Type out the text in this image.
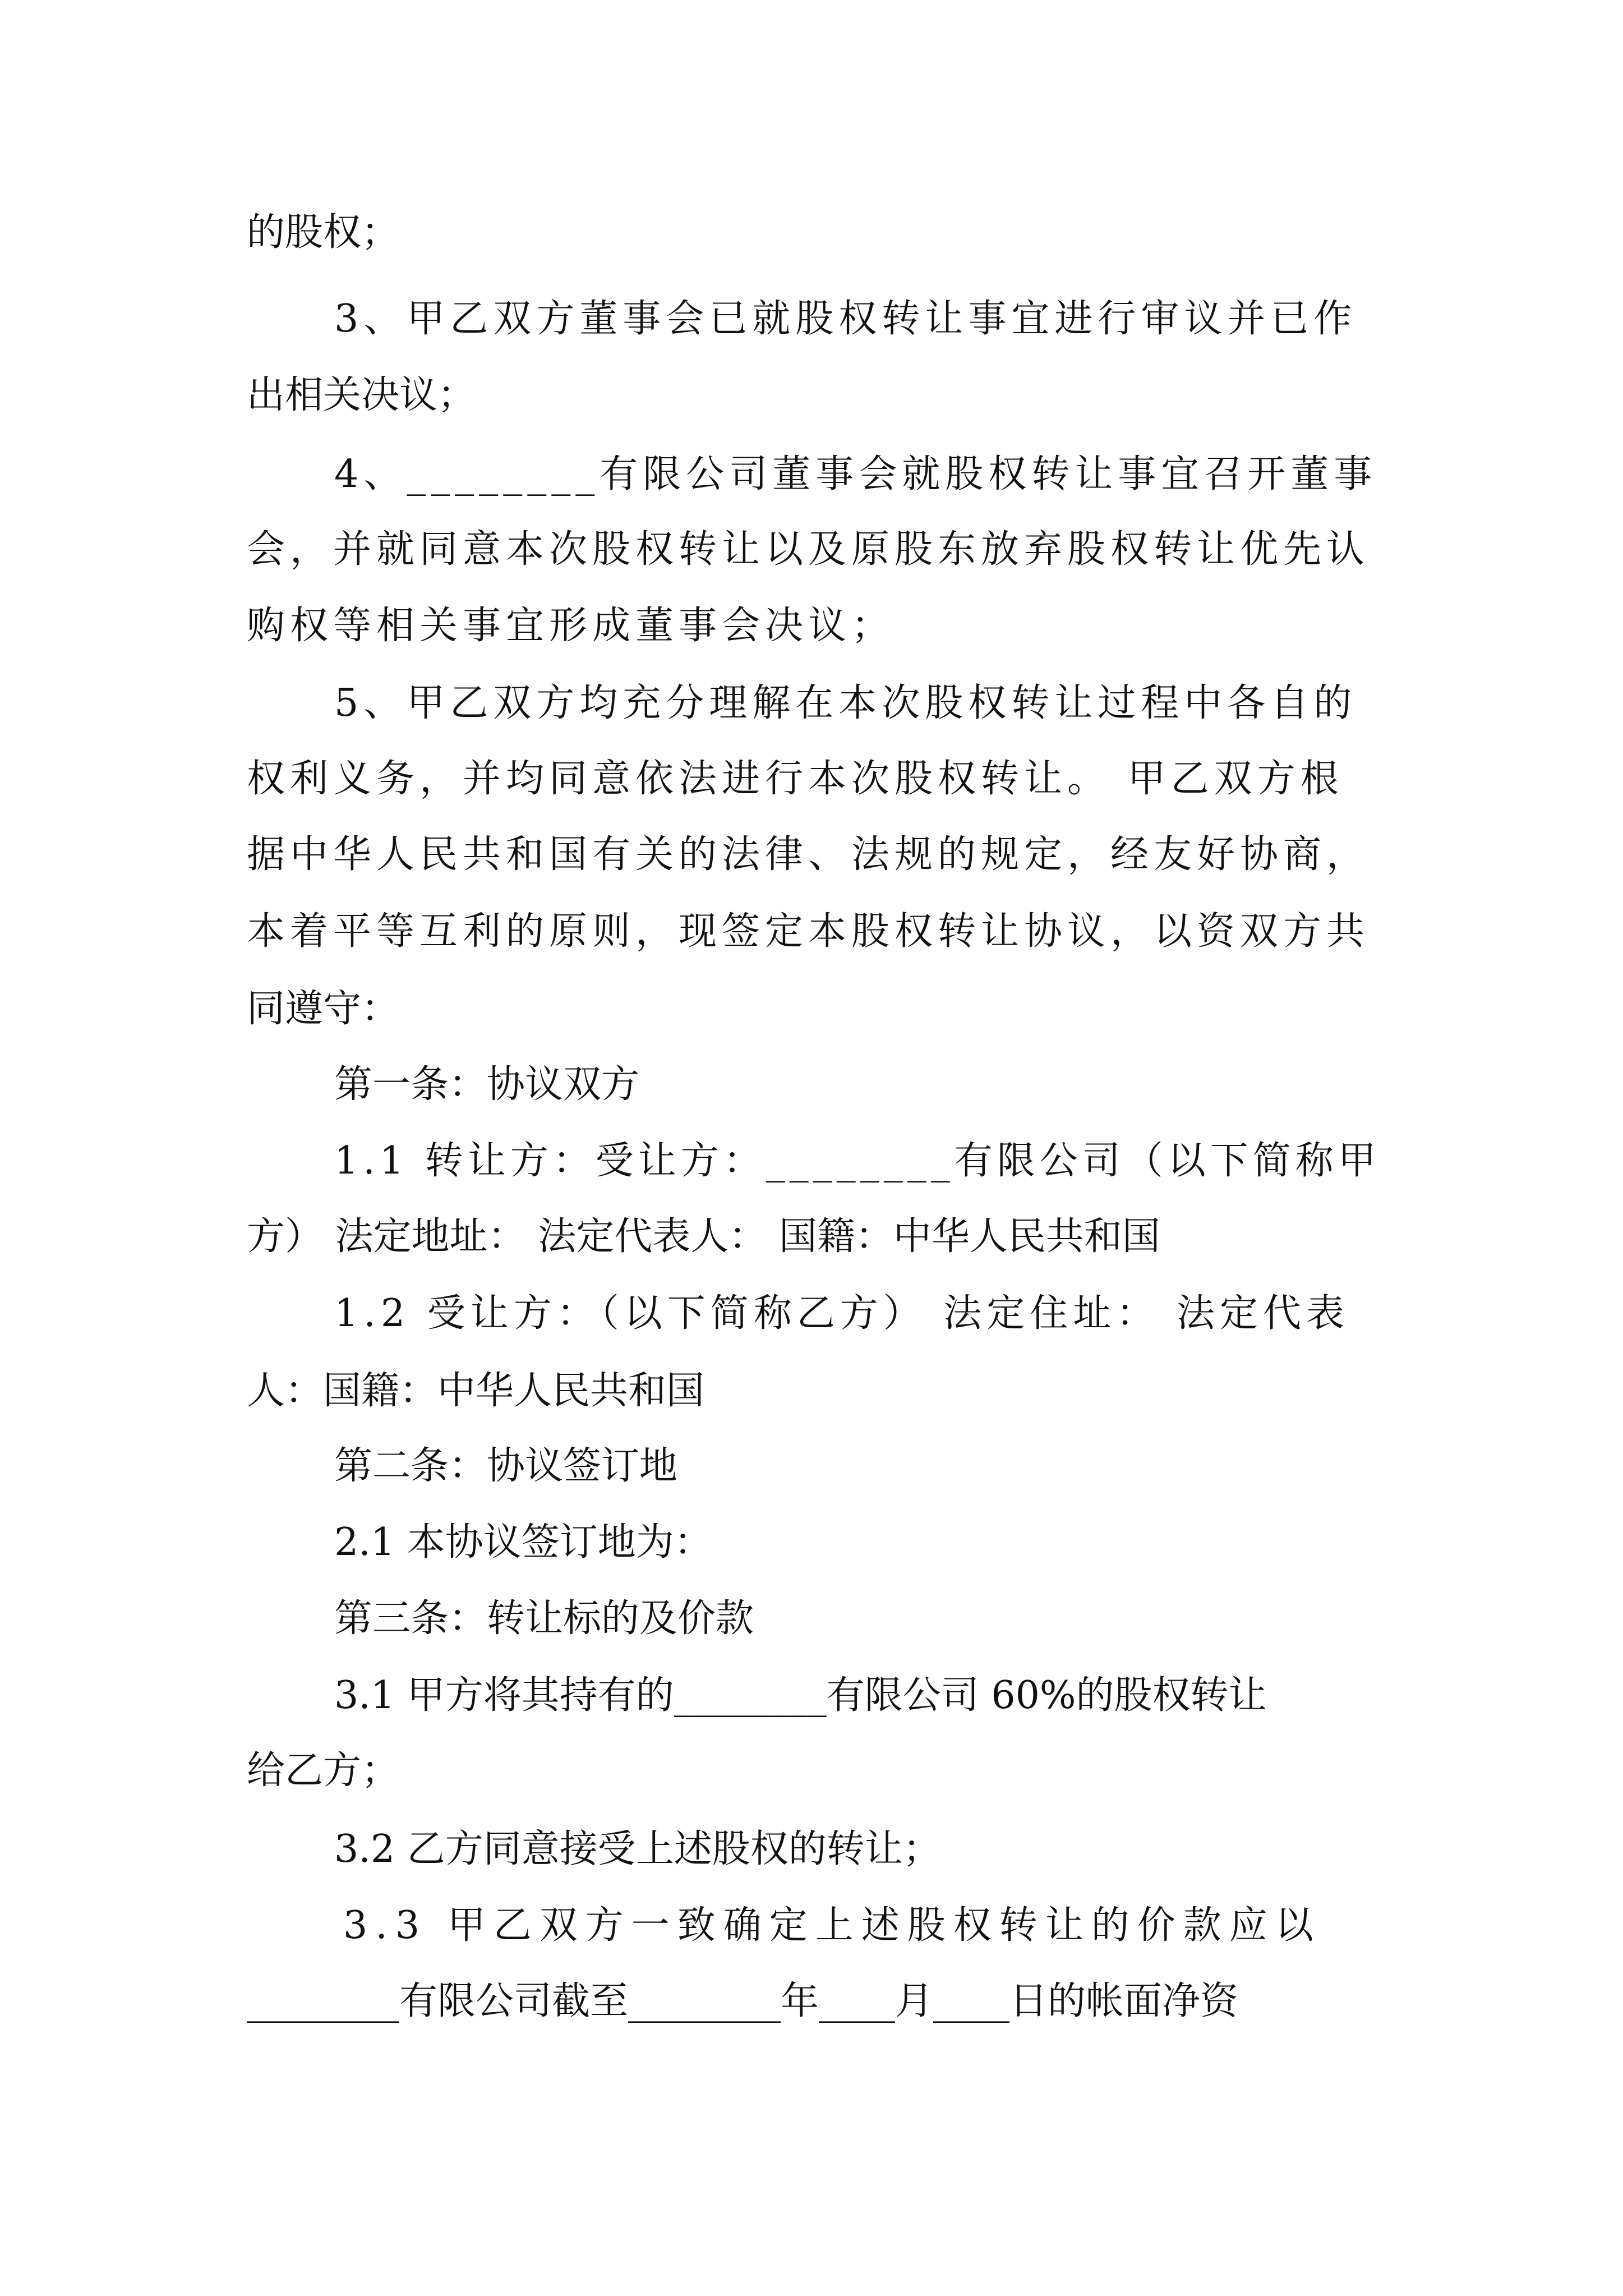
的股权；

3、甲乙双方董事会已就股权转让事宜进行审议并已作

出相关决议；

4、________有限公司董事会就股权转让事宜召开董事

会，并就同意本次股权转让以及原股东放弃股权转让优先认

购权等相关事宜形成董事会决议；

5、甲乙双方均充分理解在本次股权转让过程中各自的

权利义务，并均同意依法进行本次股权转让。 甲乙双方根

据中华人民共和国有关的法律、法规的规定，经友好协商，

本着平等互利的原则，现签定本股权转让协议，以资双方共

同遵守：

第一条：协议双方

1.1 转让方：受让方：________有限公司（以下简称甲

方） 法定地址： 法定代表人： 国籍：中华人民共和国

1.2 受让方：（以下简称乙方） 法定住址： 法定代表

人：国籍：中华人民共和国

第二条：协议签订地

2.1 本协议签订地为：

第三条：转让标的及价款

3.1 甲方将其持有的________有限公司 60%的股权转让

给乙方；

3.2 乙方同意接受上述股权的转让；

3.3 甲乙双方一致确定上述股权转让的价款应以

________有限公司截至________年____月____日的帐面净资
